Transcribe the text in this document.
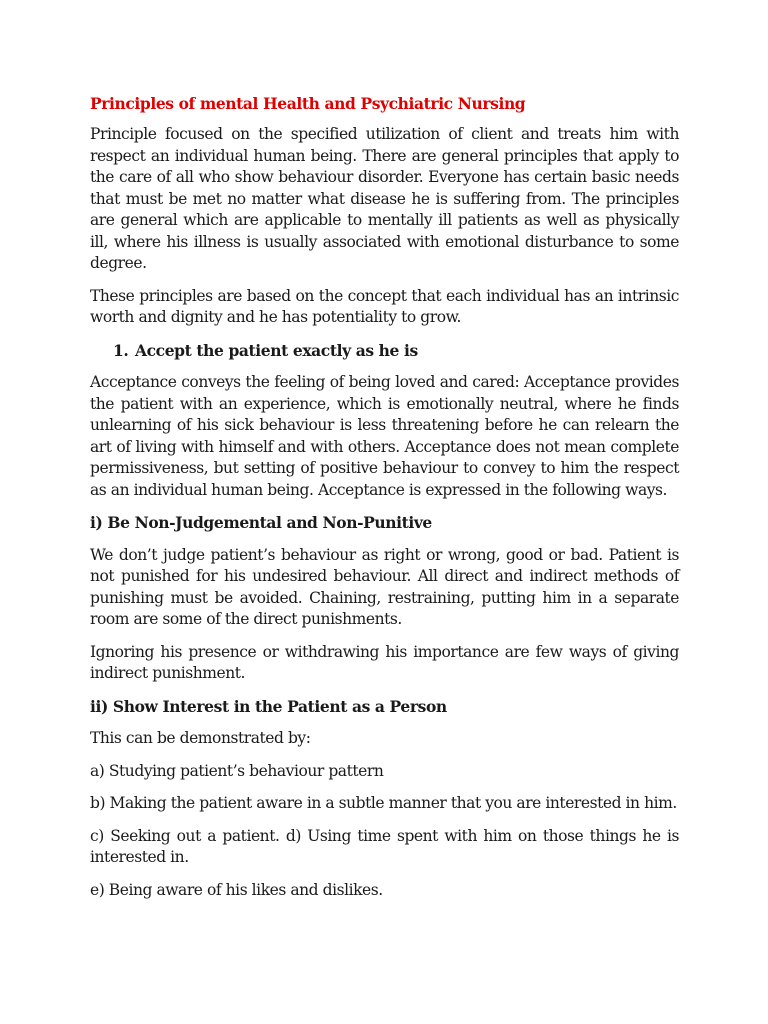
Principles of mental Health and Psychiatric Nursing

Principle focused on the specified utilization of client and treats him with respect an individual human being. There are general principles that apply to the care of all who show behaviour disorder. Everyone has certain basic needs that must be met no matter what disease he is suffering from. The principles are general which are applicable to mentally ill patients as well as physically ill, where his illness is usually associated with emotional disturbance to some degree.

These principles are based on the concept that each individual has an intrinsic worth and dignity and he has potentiality to grow.

1. Accept the patient exactly as he is

Acceptance conveys the feeling of being loved and cared: Acceptance provides the patient with an experience, which is emotionally neutral, where he finds unlearning of his sick behaviour is less threatening before he can relearn the art of living with himself and with others. Acceptance does not mean complete permissiveness, but setting of positive behaviour to convey to him the respect as an individual human being. Acceptance is expressed in the following ways.

i) Be Non-Judgemental and Non-Punitive

We don’t judge patient’s behaviour as right or wrong, good or bad. Patient is not punished for his undesired behaviour. All direct and indirect methods of punishing must be avoided. Chaining, restraining, putting him in a separate room are some of the direct punishments.

Ignoring his presence or withdrawing his importance are few ways of giving indirect punishment.

ii) Show Interest in the Patient as a Person

This can be demonstrated by:

a) Studying patient’s behaviour pattern

b) Making the patient aware in a subtle manner that you are interested in him.

c) Seeking out a patient. d) Using time spent with him on those things he is interested in.

e) Being aware of his likes and dislikes.
